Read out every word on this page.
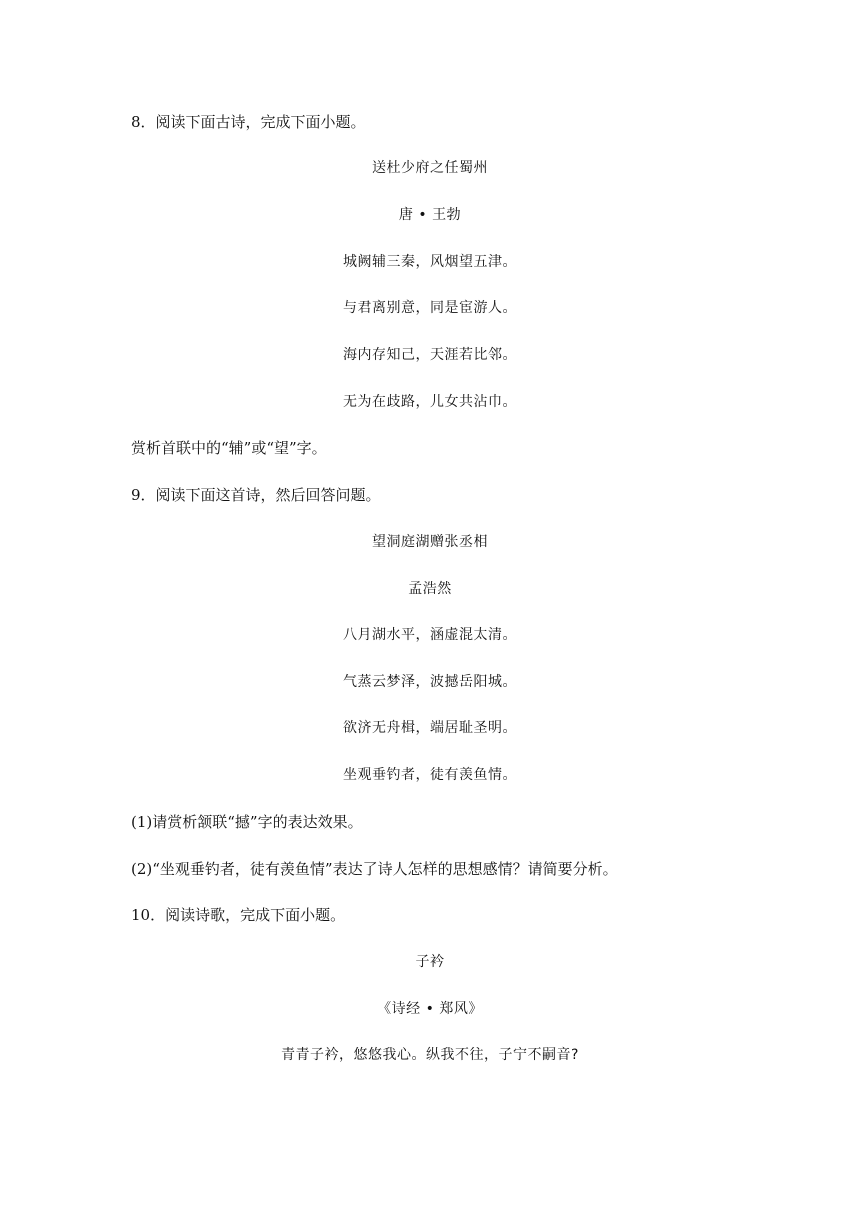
8．阅读下面古诗，完成下面小题。
送杜少府之任蜀州
唐 • 王勃
城阙辅三秦，风烟望五津。
与君离别意，同是宦游人。
海内存知己，天涯若比邻。
无为在歧路，儿女共沾巾。
赏析首联中的“辅”或“望”字。
9．阅读下面这首诗，然后回答问题。
望洞庭湖赠张丞相
孟浩然
八月湖水平，涵虚混太清。
气蒸云梦泽，波撼岳阳城。
欲济无舟楫，端居耻圣明。
坐观垂钓者，徒有羡鱼情。
(1)请赏析颔联“撼”字的表达效果。
(2)“坐观垂钓者，徒有羡鱼情”表达了诗人怎样的思想感情？请简要分析。
10．阅读诗歌，完成下面小题。
子衿
《诗经 • 郑风》
青青子衿，悠悠我心。纵我不往，子宁不嗣音?
